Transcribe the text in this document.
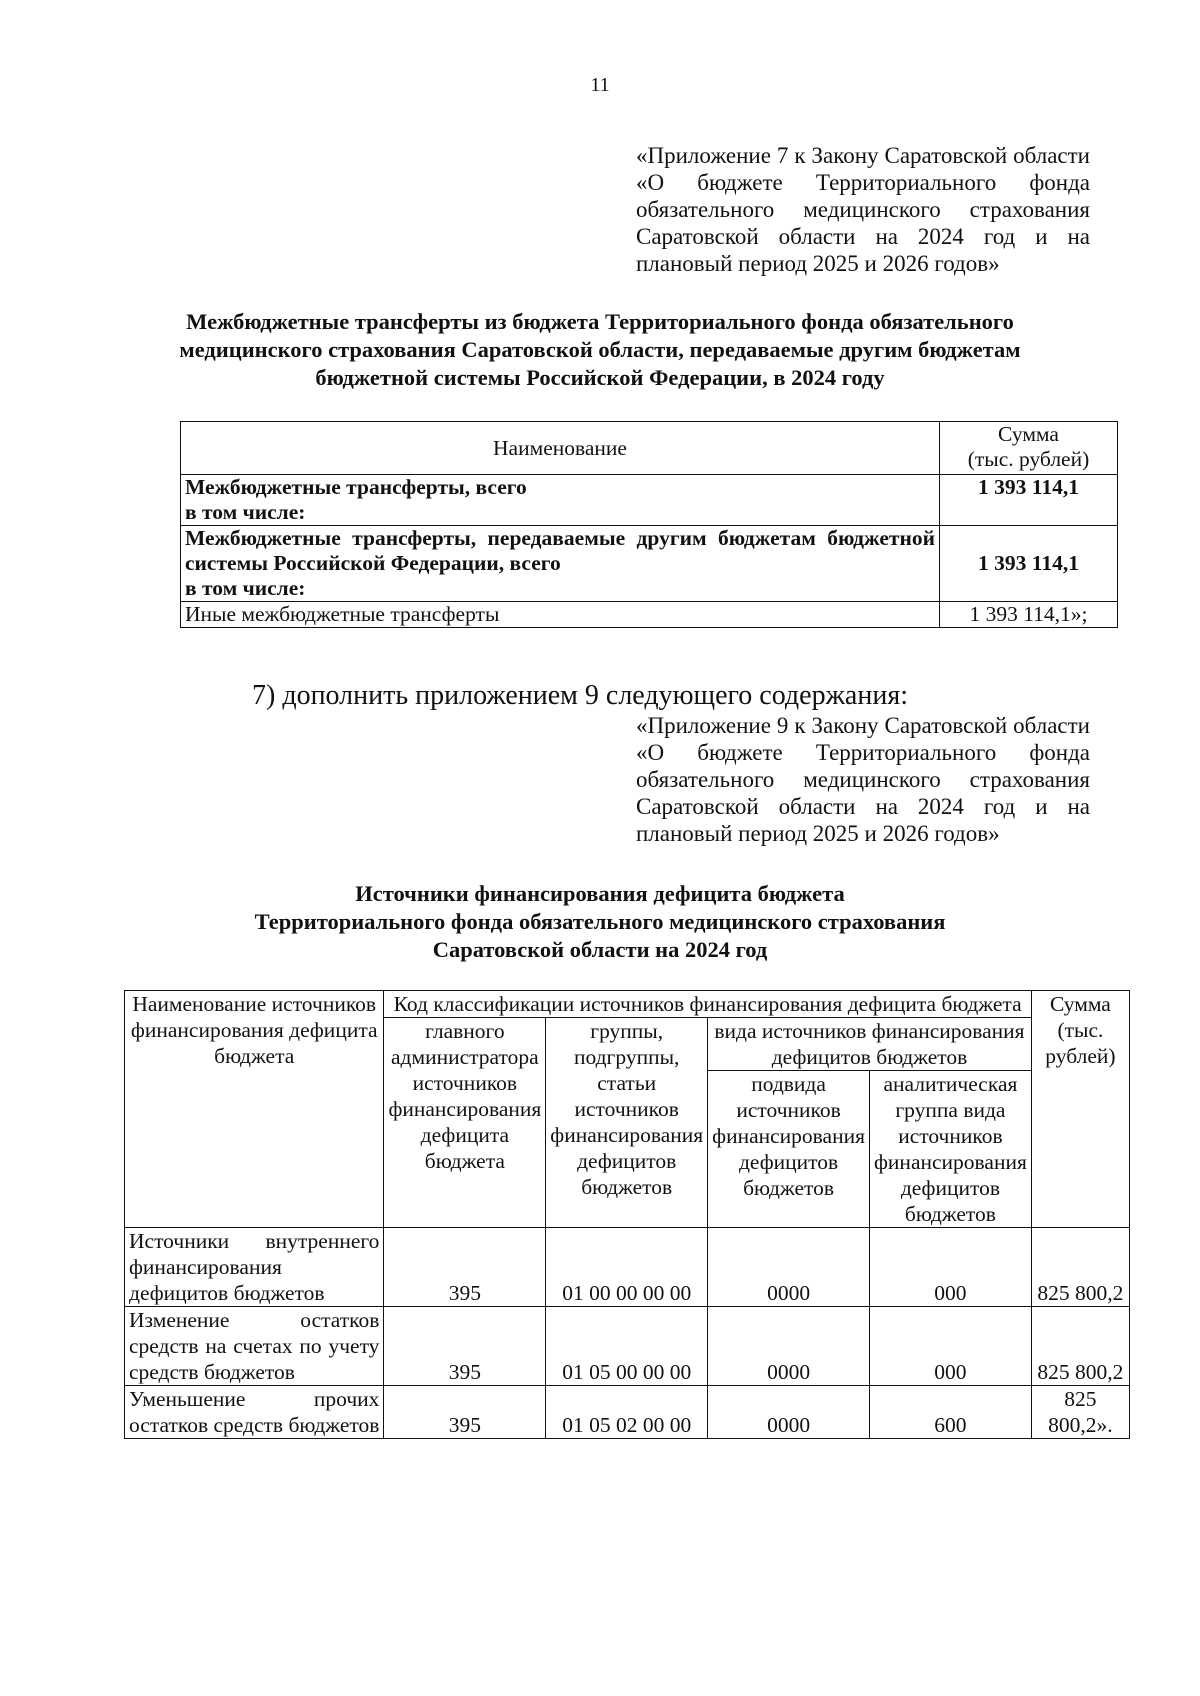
11
«Приложение 7 к Закону Саратовской области «О бюджете Территориального фонда обязательного медицинского страхования Саратовской области на 2024 год и на плановый период 2025 и 2026 годов»
Межбюджетные трансферты из бюджета Территориального фонда обязательного
медицинского страхования Саратовской области, передаваемые другим бюджетам
бюджетной системы Российской Федерации, в 2024 году
Наименование	Сумма
(тыс. рублей)

Межбюджетные трансферты, всего
в том числе:	1 393 114,1

Межбюджетные трансферты, передаваемые другим бюджетам бюджетной системы Российской Федерации, всего
в том числе:	1 393 114,1
Иные межбюджетные трансферты	1 393 114,1»;
7) дополнить приложением 9 следующего содержания:
«Приложение 9 к Закону Саратовской области «О бюджете Территориального фонда обязательного медицинского страхования Саратовской области на 2024 год и на плановый период 2025 и 2026 годов»
Источники финансирования дефицита бюджета
Территориального фонда обязательного медицинского страхования
Саратовской области на 2024 год
Наименование источников финансирования дефицита бюджета	Код классификации источников финансирования дефицита бюджета				Сумма (тыс. рублей)
	главного администратора источников финансирования дефицита бюджета	группы, подгруппы, статьи источников финансирования дефицитов бюджетов	вида источников финансирования дефицитов бюджетов		
			подвида источников финансирования дефицитов бюджетов	аналитическая группа вида источников финансирования дефицитов бюджетов	
Источники внутреннего финансирования дефицитов бюджетов	395	01 00 00 00 00	0000	000	825 800,2
Изменение остатков средств на счетах по учету средств бюджетов	395	01 05 00 00 00	0000	000	825 800,2
Уменьшение прочих остатков средств бюджетов	395	01 05 02 00 00	0000	600	825 800,2».
